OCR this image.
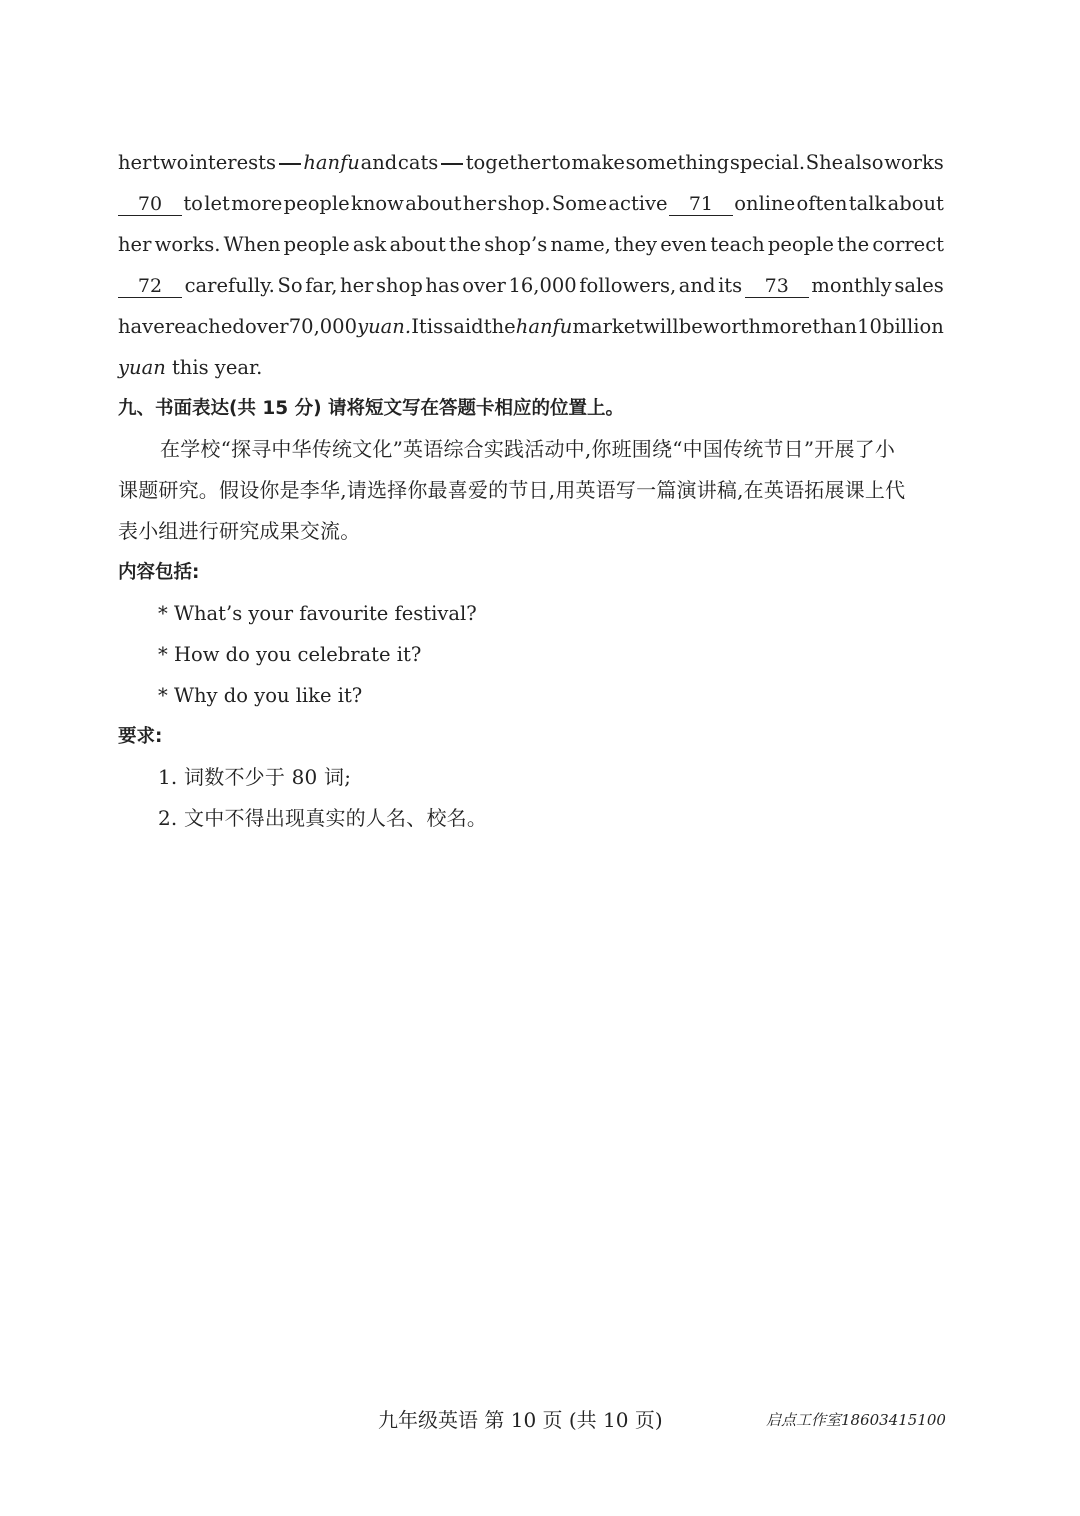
her two interests hanfu and cats together to make something special. She also works
70	to let more people know about her shop. Some active	71	online often talk about
her works. When people ask about the shop’s name, they even teach people the correct
72	carefully. So far, her shop has over 16,000 followers, and its	73	monthly sales
have reached over 70,000 yuan. It is said the hanfu market will be worth more than 10 billion
yuan this year.
九、书面表达(共 15 分) 请将短文写在答题卡相应的位置上。
在学校“探寻中华传统文化”英语综合实践活动中,你班围绕“中国传统节日”开展了小
课题研究。假设你是李华,请选择你最喜爱的节日,用英语写一篇演讲稿,在英语拓展课上代
表小组进行研究成果交流。
内容包括:
* What’s your favourite festival?
* How do you celebrate it?
* Why do you like it?
要求:
1. 词数不少于 80 词;
2. 文中不得出现真实的人名、校名。
九年级英语 第 10 页 (共 10 页)	启点工作室18603415100
